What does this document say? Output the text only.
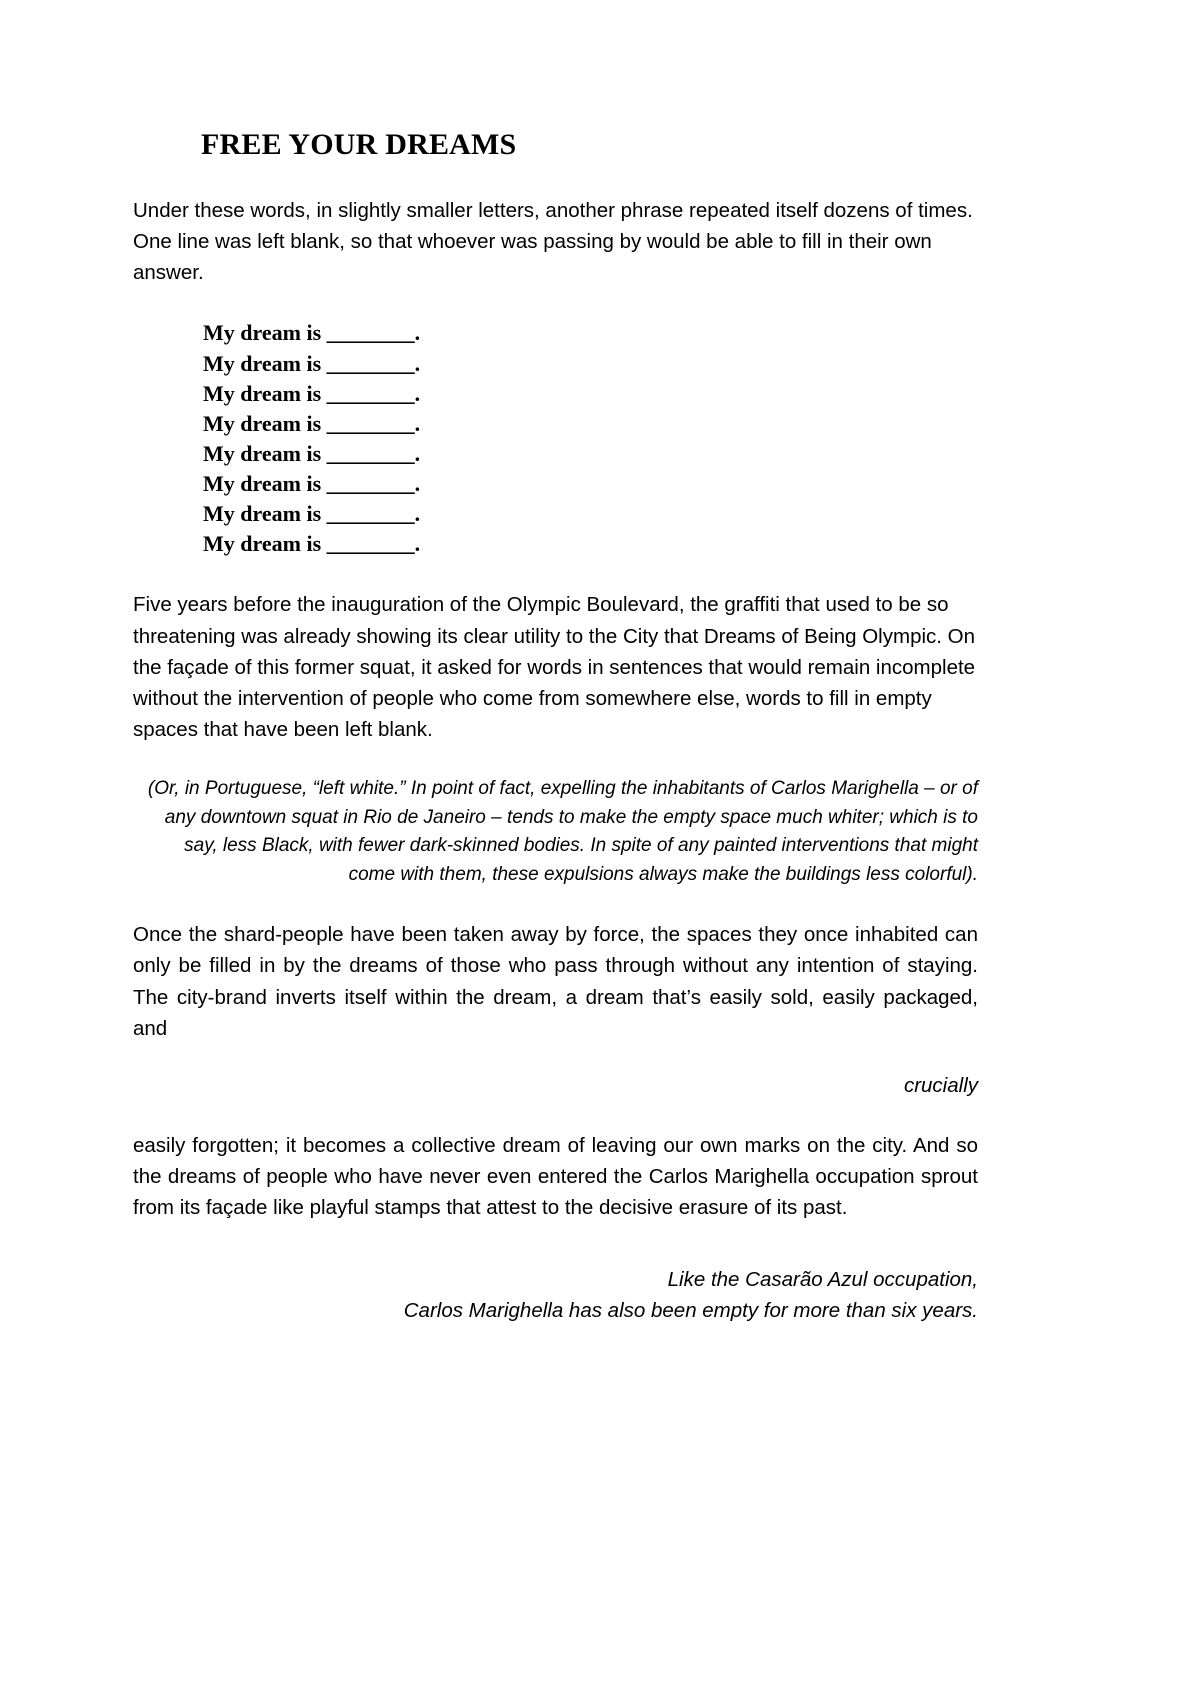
FREE YOUR DREAMS

Under these words, in slightly smaller letters, another phrase repeated itself dozens of times. One line was left blank, so that whoever was passing by would be able to fill in their own answer.

My dream is ________.
My dream is ________.
My dream is ________.
My dream is ________.
My dream is ________.
My dream is ________.
My dream is ________.
My dream is ________.

Five years before the inauguration of the Olympic Boulevard, the graffiti that used to be so threatening was already showing its clear utility to the City that Dreams of Being Olympic. On the façade of this former squat, it asked for words in sentences that would remain incomplete without the intervention of people who come from somewhere else, words to fill in empty spaces that have been left blank.

(Or, in Portuguese, “left white.” In point of fact, expelling the inhabitants of Carlos Marighella – or of any downtown squat in Rio de Janeiro – tends to make the empty space much whiter; which is to say, less Black, with fewer dark-skinned bodies. In spite of any painted interventions that might come with them, these expulsions always make the buildings less colorful).

Once the shard-people have been taken away by force, the spaces they once inhabited can only be filled in by the dreams of those who pass through without any intention of staying. The city-brand inverts itself within the dream, a dream that’s easily sold, easily packaged, and

crucially

easily forgotten; it becomes a collective dream of leaving our own marks on the city. And so the dreams of people who have never even entered the Carlos Marighella occupation sprout from its façade like playful stamps that attest to the decisive erasure of its past.

Like the Casarão Azul occupation,
Carlos Marighella has also been empty for more than six years.
